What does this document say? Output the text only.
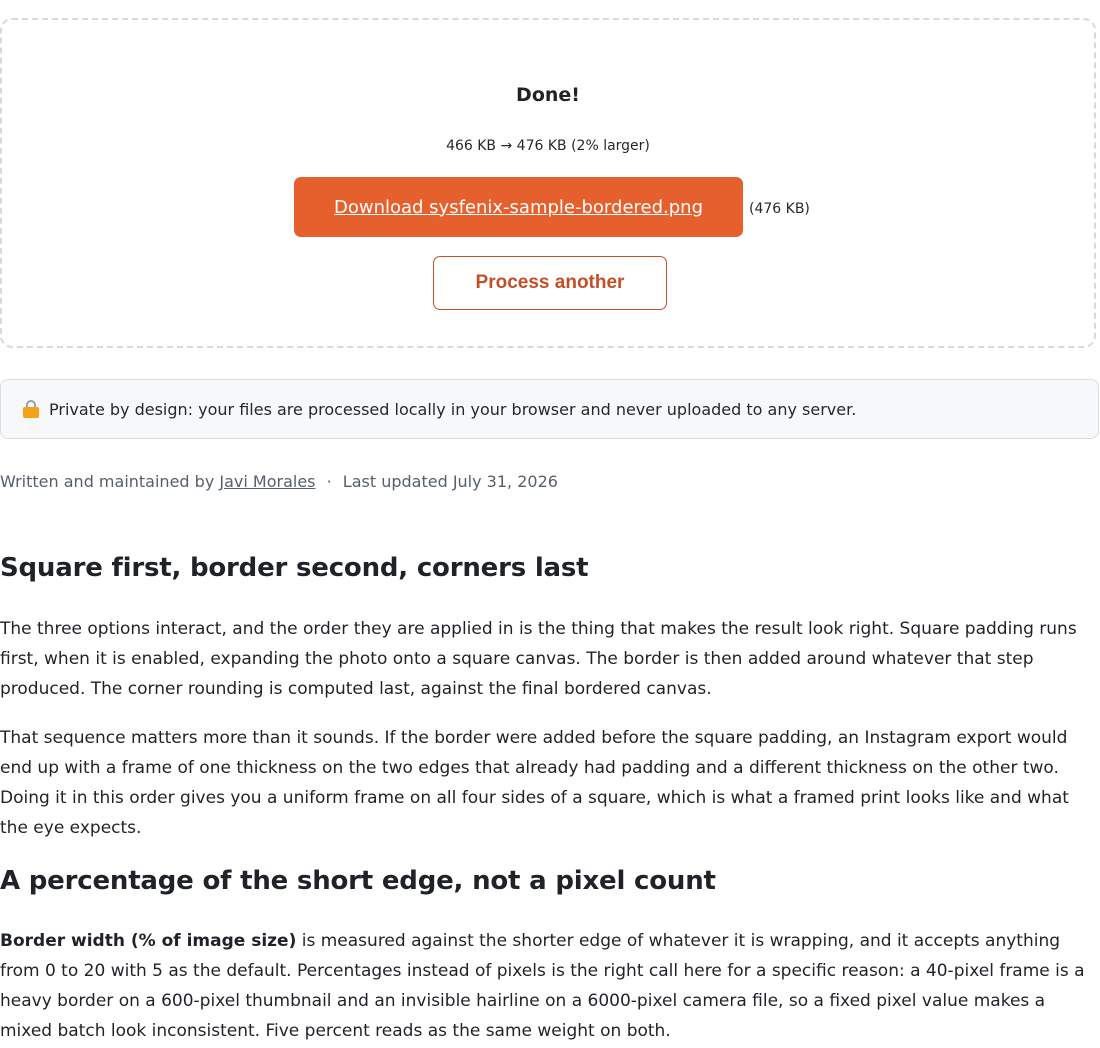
Done!
466 KB → 476 KB (2% larger)
Download sysfenix-sample-bordered.png	(476 KB)
Process another
Private by design: your files are processed locally in your browser and never uploaded to any server.
Written and maintained by Javi Morales · Last updated July 31, 2026
Square first, border second, corners last

The three options interact, and the order they are applied in is the thing that makes the result look right. Square padding runs first, when it is enabled, expanding the photo onto a square canvas. The border is then added around whatever that step produced. The corner rounding is computed last, against the final bordered canvas.

That sequence matters more than it sounds. If the border were added before the square padding, an Instagram export would end up with a frame of one thickness on the two edges that already had padding and a different thickness on the other two. Doing it in this order gives you a uniform frame on all four sides of a square, which is what a framed print looks like and what the eye expects.

A percentage of the short edge, not a pixel count

Border width (% of image size) is measured against the shorter edge of whatever it is wrapping, and it accepts anything from 0 to 20 with 5 as the default. Percentages instead of pixels is the right call here for a specific reason: a 40-pixel frame is a heavy border on a 600-pixel thumbnail and an invisible hairline on a 6000-pixel camera file, so a fixed pixel value makes a mixed batch look inconsistent. Five percent reads as the same weight on both.
